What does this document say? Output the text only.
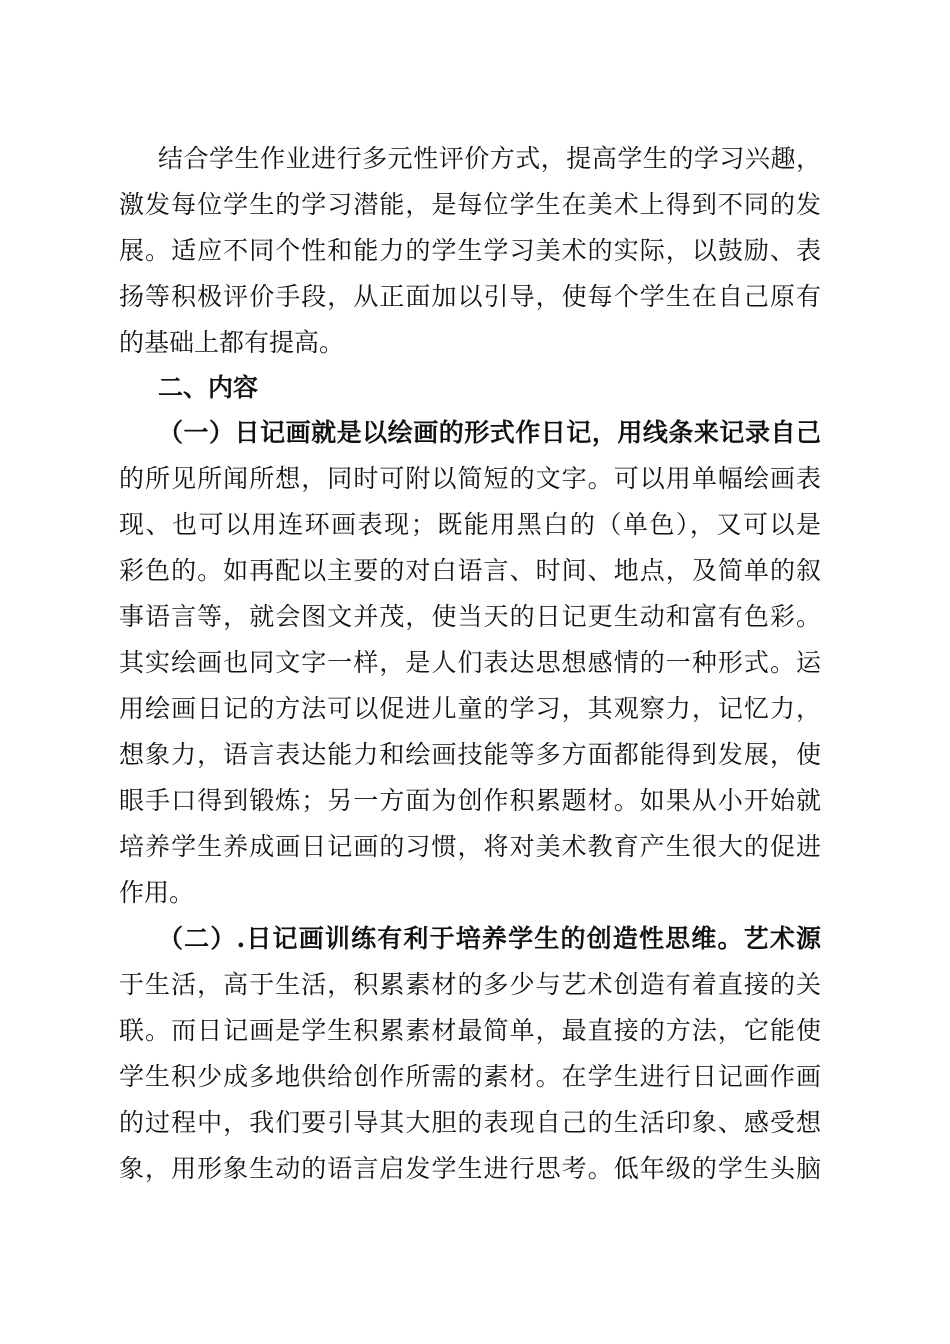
结合学生作业进行多元性评价方式，提高学生的学习兴趣，
激发每位学生的学习潜能，是每位学生在美术上得到不同的发
展。适应不同个性和能力的学生学习美术的实际，以鼓励、表
扬等积极评价手段，从正面加以引导，使每个学生在自己原有
的基础上都有提高。
二、内容
（一）日记画就是以绘画的形式作日记，用线条来记录自己
的所见所闻所想，同时可附以简短的文字。可以用单幅绘画表
现、也可以用连环画表现；既能用黑白的（单色），又可以是
彩色的。如再配以主要的对白语言、时间、地点，及简单的叙
事语言等，就会图文并茂，使当天的日记更生动和富有色彩。
其实绘画也同文字一样，是人们表达思想感情的一种形式。运
用绘画日记的方法可以促进儿童的学习，其观察力，记忆力，
想象力，语言表达能力和绘画技能等多方面都能得到发展，使
眼手口得到锻炼；另一方面为创作积累题材。如果从小开始就
培养学生养成画日记画的习惯，将对美术教育产生很大的促进
作用。
（二）.日记画训练有利于培养学生的创造性思维。艺术源
于生活，高于生活，积累素材的多少与艺术创造有着直接的关
联。而日记画是学生积累素材最简单，最直接的方法，它能使
学生积少成多地供给创作所需的素材。在学生进行日记画作画
的过程中，我们要引导其大胆的表现自己的生活印象、感受想
象，用形象生动的语言启发学生进行思考。低年级的学生头脑
